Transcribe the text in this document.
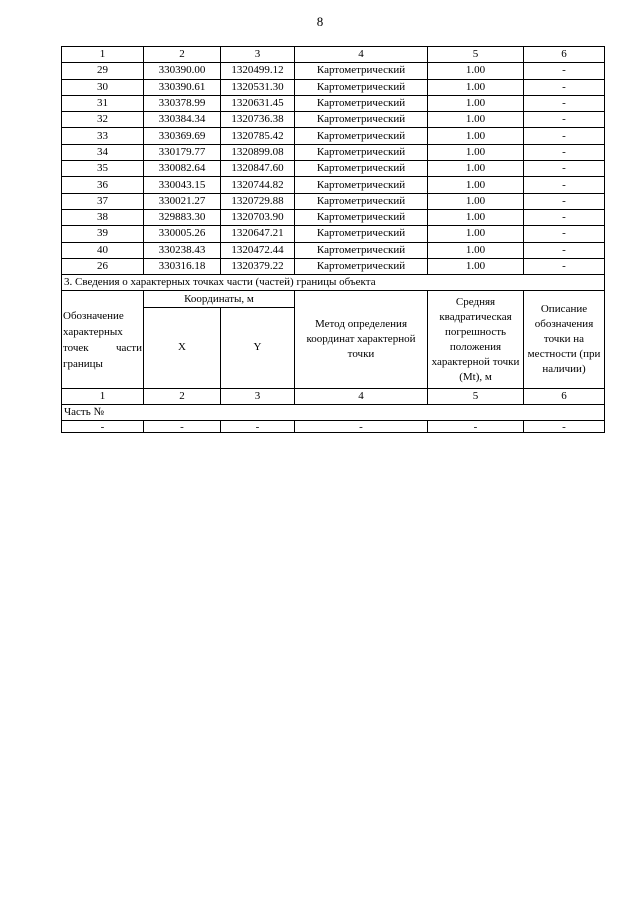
8
1	2	3	4	5	6
29	330390.00	1320499.12	Картометрический	1.00	-
30	330390.61	1320531.30	Картометрический	1.00	-
31	330378.99	1320631.45	Картометрический	1.00	-
32	330384.34	1320736.38	Картометрический	1.00	-
33	330369.69	1320785.42	Картометрический	1.00	-
34	330179.77	1320899.08	Картометрический	1.00	-
35	330082.64	1320847.60	Картометрический	1.00	-
36	330043.15	1320744.82	Картометрический	1.00	-
37	330021.27	1320729.88	Картометрический	1.00	-
38	329883.30	1320703.90	Картометрический	1.00	-
39	330005.26	1320647.21	Картометрический	1.00	-
40	330238.43	1320472.44	Картометрический	1.00	-
26	330316.18	1320379.22	Картометрический	1.00	-
3. Сведения о характерных точках части (частей) границы объекта					
Обозначение характерных точек части границы	Координаты, м		Метод определения координат характерной точки	Средняя квадратическая погрешность положения характерной точки (Mt), м	Описание обозначения точки на местности (при наличии)
	X	Y			
1	2	3	4	5	6
Часть №					
-	-	-	-	-	-
